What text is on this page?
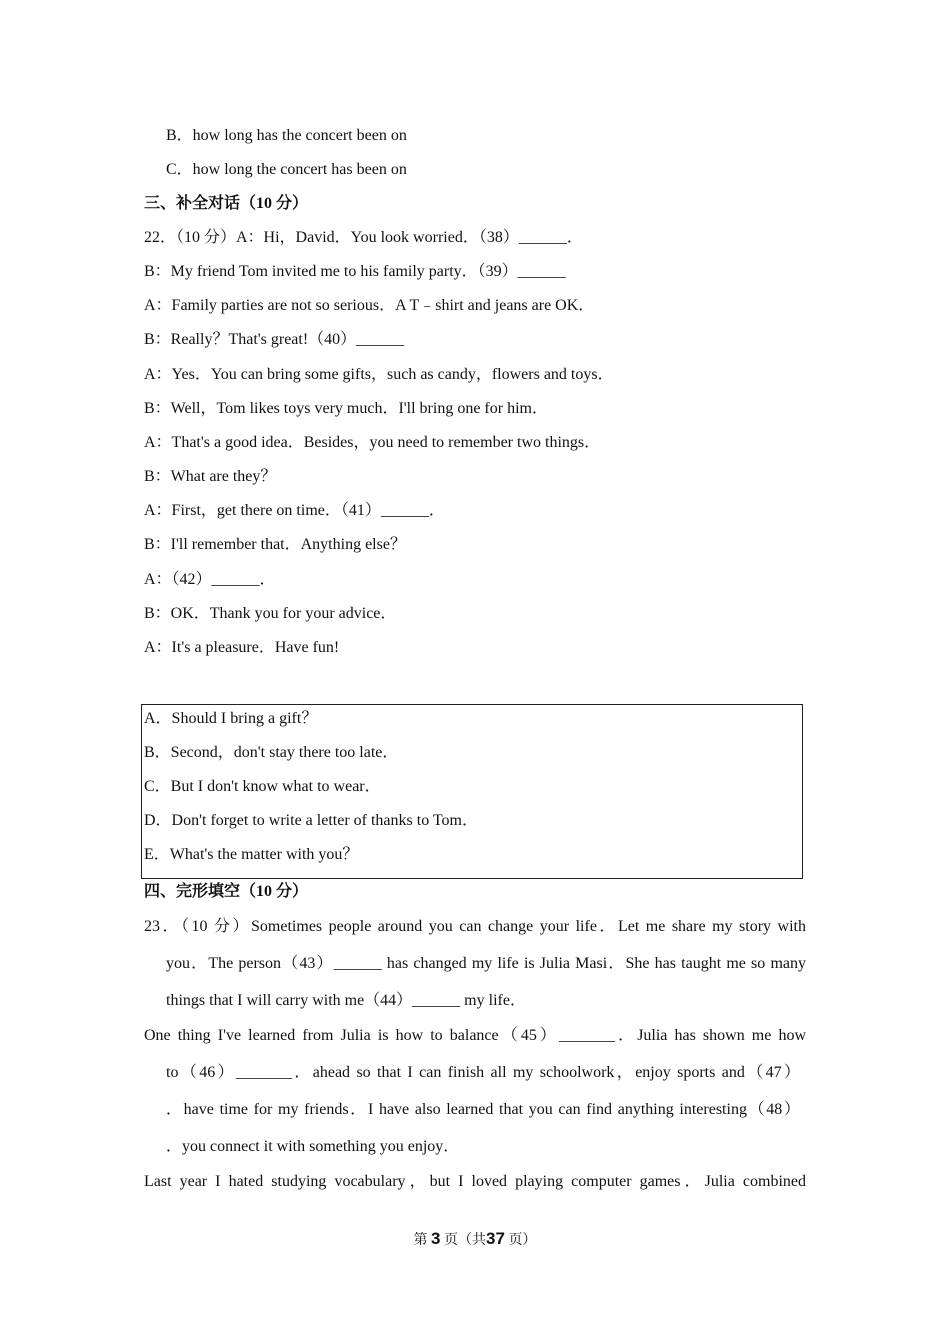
B．how long has the concert been on
C．how long the concert has been on
三、补全对话（10 分）
22．（10 分）A：Hi，David．You look worried．（38）______．
B：My friend Tom invited me to his family party．（39）______
A：Family parties are not so serious．A T﹣shirt and jeans are OK．
B：Really？That's great!（40）______
A：Yes．You can bring some gifts，such as candy，flowers and toys．
B：Well，Tom likes toys very much．I'll bring one for him．
A：That's a good idea．Besides，you need to remember two things．
B：What are they？
A：First，get there on time．（41）______．
B：I'll remember that．Anything else？
A：（42）______．
B：OK．Thank you for your advice．
A：It's a pleasure．Have fun!
A．Should I bring a gift？
B．Second，don't stay there too late．
C．But I don't know what to wear．
D．Don't forget to write a letter of thanks to Tom．
E．What's the matter with you？
四、完形填空（10 分）
23．（10 分）Sometimes people around you can change your life．Let me share my story with
you．The person（43）______ has changed my life is Julia Masi．She has taught me so many
things that I will carry with me（44）______ my life．
One thing I've learned from Julia is how to balance（45）_______．Julia has shown me how
to（46）_______．ahead so that I can finish all my schoolwork，enjoy sports and（47）
．have time for my friends．I have also learned that you can find anything interesting（48）
．you connect it with something you enjoy．
Last year I hated studying vocabulary，but I loved playing computer games．Julia combined
第 3 页（共37 页）
